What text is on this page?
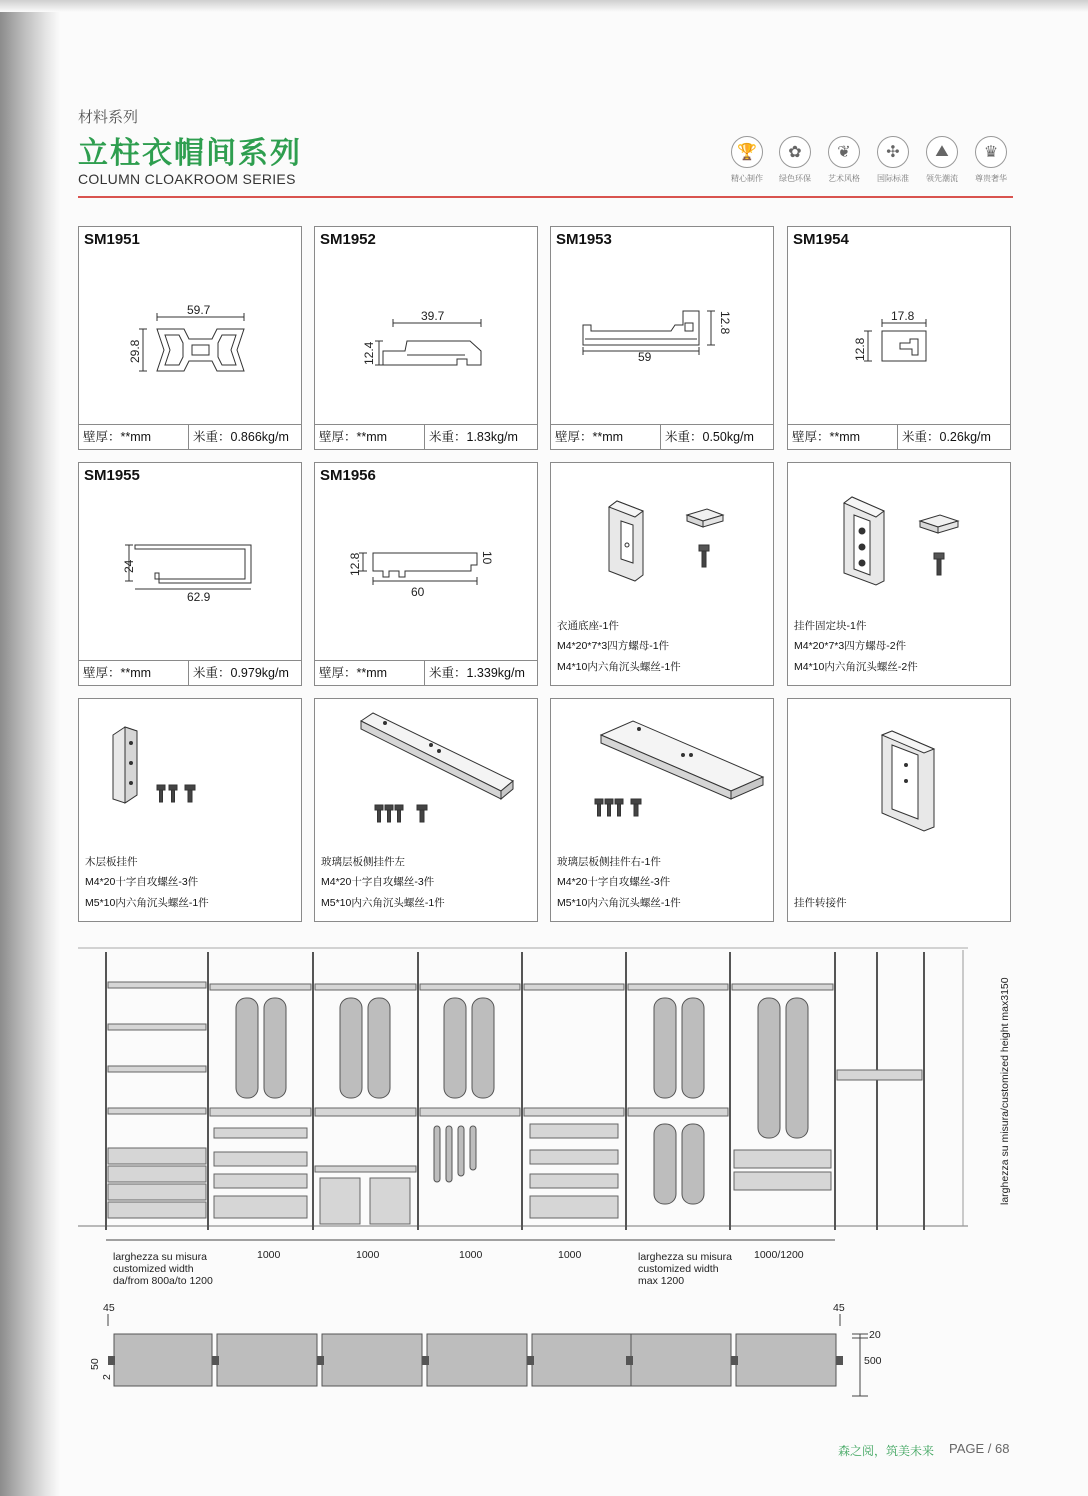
材料系列
立柱衣帽间系列
COLUMN CLOAKROOM SERIES
🏆
精心制作
✿
绿色环保
❦
艺术风格
✣
国际标准
⛰
领先潮流
♛
尊贵奢华
SM1951
59.7
29.8
壁厚：**mm	米重：0.866kg/m
SM1952
39.7
12.4
壁厚：**mm	米重：1.83kg/m
SM1953
59
12.8
壁厚：**mm	米重：0.50kg/m
SM1954
17.8
12.8
壁厚：**mm	米重：0.26kg/m
SM1955
62.9
24
壁厚：**mm	米重：0.979kg/m
SM1956
60
12.8	10
壁厚：**mm	米重：1.339kg/m
衣通底座-1件
M4*20*7*3四方螺母-1件
M4*10内六角沉头螺丝-1件
挂件固定块-1件
M4*20*7*3四方螺母-2件
M4*10内六角沉头螺丝-2件
木层板挂件
M4*20十字自攻螺丝-3件
M5*10内六角沉头螺丝-1件
玻璃层板侧挂件左
M4*20十字自攻螺丝-3件
M5*10内六角沉头螺丝-1件
玻璃层板侧挂件右-1件
M4*20十字自攻螺丝-3件
M5*10内六角沉头螺丝-1件	挂件转接件
1000	1000	1000	1000	1000/1200
larghezza su misura/customized height max3150
larghezza su misura
customized width
da/from 800a/to 1200
larghezza su misura
customized width
max 1200
45	45
20
500
50
2
森之阅，筑美未来 PAGE / 68
